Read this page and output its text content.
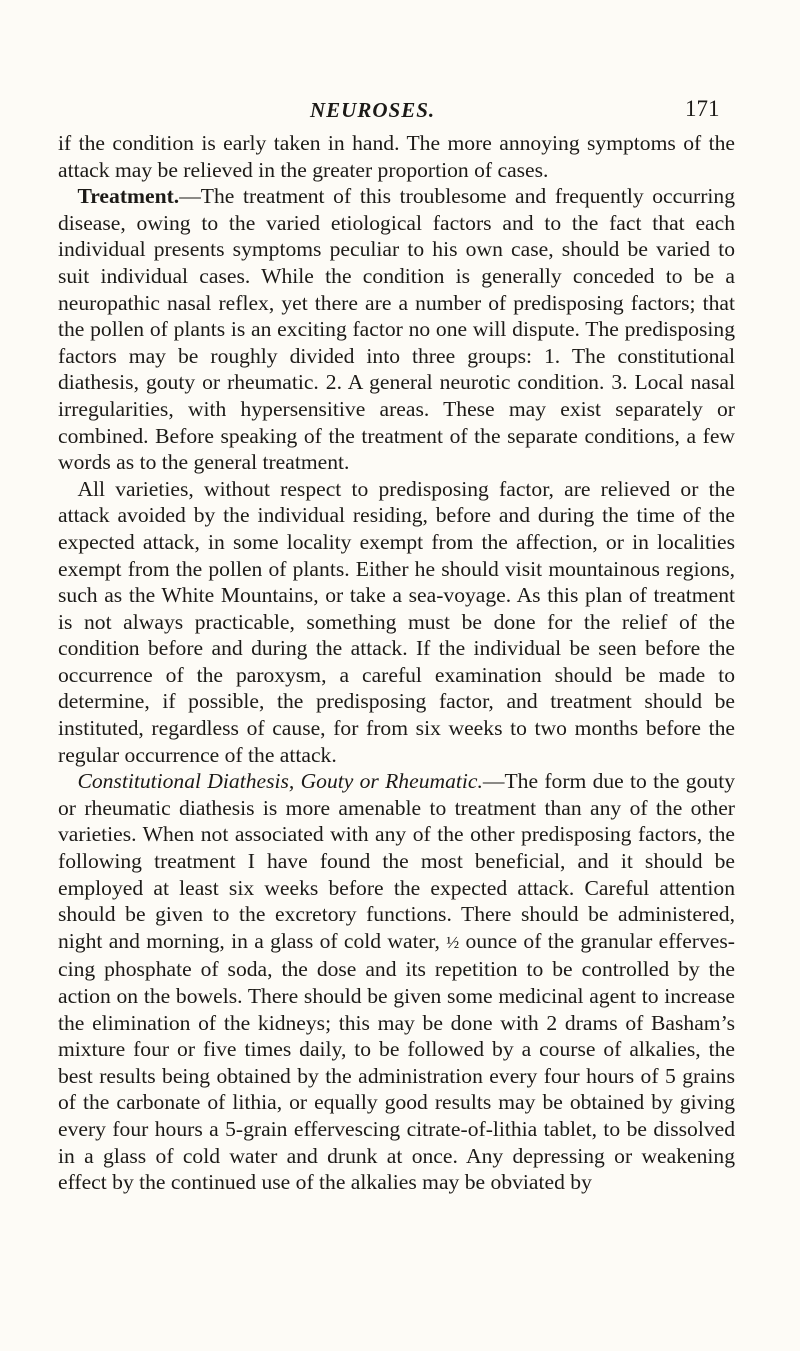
NEUROSES.	171

if the condition is early taken in hand. The more annoying symptoms of the attack may be relieved in the greater proportion of cases.

Treatment.—The treatment of this troublesome and frequently occurring disease, owing to the varied etiological factors and to the fact that each individual presents symptoms peculiar to his own case, should be varied to suit individual cases. While the condition is generally conceded to be a neuropathic nasal reflex, yet there are a number of predisposing factors; that the pollen of plants is an exciting factor no one will dispute. The predisposing factors may be roughly divided into three groups: 1. The constitutional diathesis, gouty or rheumatic. 2. A general neurotic condition. 3. Local nasal irregularities, with hypersensitive areas. These may exist separately or combined. Before speaking of the treatment of the separate conditions, a few words as to the general treatment.

All varieties, without respect to predisposing factor, are relieved or the attack avoided by the individual residing, before and during the time of the expected attack, in some locality exempt from the affection, or in localities exempt from the pollen of plants. Either he should visit mountainous regions, such as the White Mountains, or take a sea-voyage. As this plan of treatment is not always practicable, something must be done for the relief of the condition before and during the attack. If the individual be seen before the occurrence of the paroxysm, a careful examination should be made to determine, if possible, the predisposing factor, and treatment should be instituted, regardless of cause, for from six weeks to two months before the regular occurrence of the attack.

Constitutional Diathesis, Gouty or Rheumatic.—The form due to the gouty or rheumatic diathesis is more amenable to treatment than any of the other varieties. When not associated with any of the other predisposing factors, the following treatment I have found the most beneficial, and it should be employed at least six weeks before the expected attack. Careful attention should be given to the excretory functions. There should be administered, night and morning, in a glass of cold water, ½ ounce of the granular effervescing phosphate of soda, the dose and its repetition to be controlled by the action on the bowels. There should be given some medicinal agent to increase the elimination of the kidneys; this may be done with 2 drams of Basham’s mixture four or five times daily, to be followed by a course of alkalies, the best results being obtained by the administration every four hours of 5 grains of the carbonate of lithia, or equally good results may be obtained by giving every four hours a 5-grain effervescing citrate-of-lithia tablet, to be dissolved in a glass of cold water and drunk at once. Any depressing or weakening effect by the continued use of the alkalies may be obviated by
